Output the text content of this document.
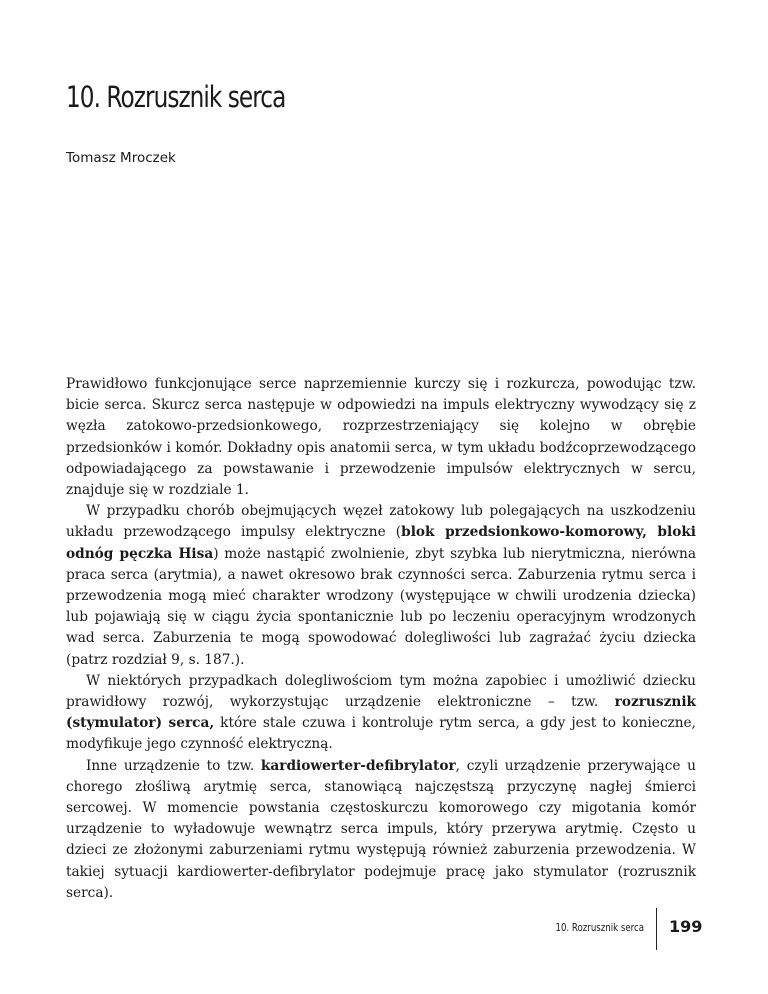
10. Rozrusznik serca
Tomasz Mroczek

Prawidłowo funkcjonujące serce naprzemiennie kurczy się i rozkurcza, powodując tzw. bicie serca. Skurcz serca następuje w odpowiedzi na impuls elektryczny wywodzący się z węzła zatokowo-przedsionkowego, rozprzestrzeniający się kolejno w obrębie przedsionków i komór. Dokładny opis anatomii serca, w tym układu bodźcoprzewodzącego odpowiadającego za powstawanie i przewodzenie impulsów elektrycznych w sercu, znajduje się w rozdziale 1.

W przypadku chorób obejmujących węzeł zatokowy lub polegających na uszkodzeniu układu przewodzącego impulsy elektryczne (blok przedsionkowo-komorowy, bloki odnóg pęczka Hisa) może nastąpić zwolnienie, zbyt szybka lub nierytmiczna, nierówna praca serca (arytmia), a nawet okresowo brak czynności serca. Zaburzenia rytmu serca i przewodzenia mogą mieć charakter wrodzony (występujące w chwili urodzenia dziecka) lub pojawiają się w ciągu życia spontanicznie lub po leczeniu operacyjnym wrodzonych wad serca. Zaburzenia te mogą spowodować dolegliwości lub zagrażać życiu dziecka (patrz rozdział 9, s. 187.).

W niektórych przypadkach dolegliwościom tym można zapobiec i umożliwić dziecku prawidłowy rozwój, wykorzystując urządzenie elektroniczne – tzw. rozrusznik (stymulator) serca, które stale czuwa i kontroluje rytm serca, a gdy jest to konieczne, modyfikuje jego czynność elektryczną.

Inne urządzenie to tzw. kardiowerter-defibrylator, czyli urządzenie przerywające u chorego złośliwą arytmię serca, stanowiącą najczęstszą przyczynę nagłej śmierci sercowej. W momencie powstania częstoskurczu komorowego czy migotania komór urządzenie to wyładowuje wewnątrz serca impuls, który przerywa arytmię. Często u dzieci ze złożonymi zaburzeniami rytmu występują również zaburzenia przewodzenia. W takiej sytuacji kardiowerter-defibrylator podejmuje pracę jako stymulator (rozrusznik serca).

10. Rozrusznik serca 199
